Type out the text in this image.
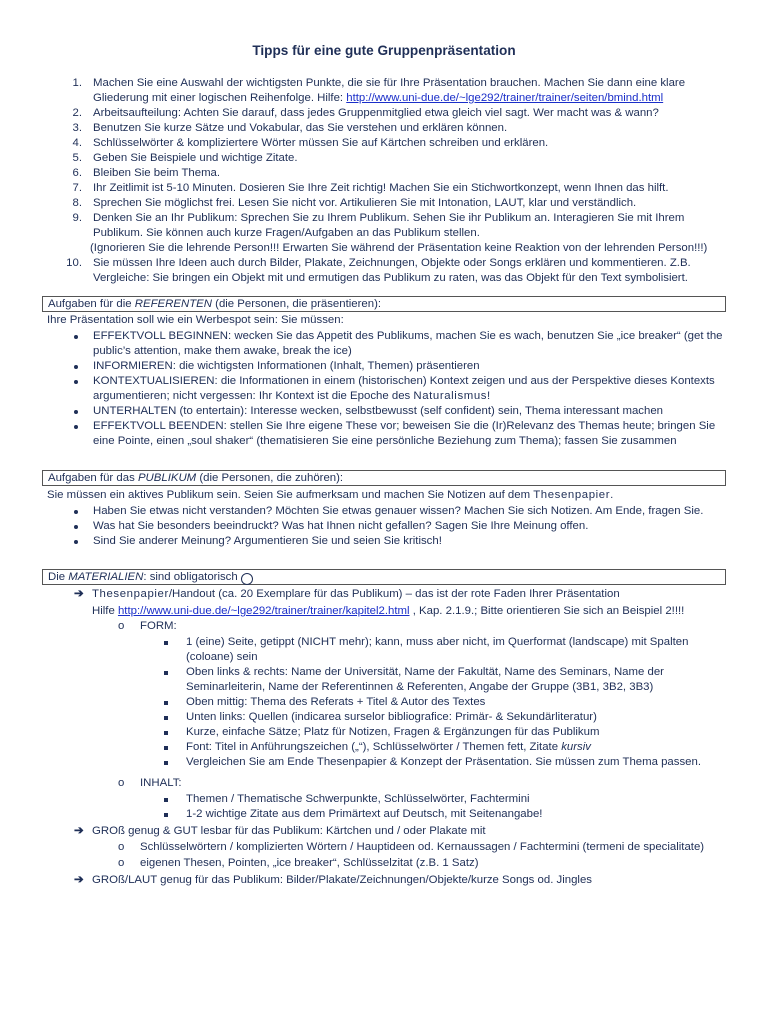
Tipps für eine gute Gruppenpräsentation
1. Machen Sie eine Auswahl der wichtigsten Punkte, die sie für Ihre Präsentation brauchen. Machen Sie dann eine klare Gliederung mit einer logischen Reihenfolge. Hilfe: http://www.uni-due.de/~lge292/trainer/trainer/seiten/bmind.html
2. Arbeitsaufteilung: Achten Sie darauf, dass jedes Gruppenmitglied etwa gleich viel sagt. Wer macht was & wann?
3. Benutzen Sie kurze Sätze und Vokabular, das Sie verstehen und erklären können.
4. Schlüsselwörter & kompliziertere Wörter müssen Sie auf Kärtchen schreiben und erklären.
5. Geben Sie Beispiele und wichtige Zitate.
6. Bleiben Sie beim Thema.
7. Ihr Zeitlimit ist 5-10 Minuten. Dosieren Sie Ihre Zeit richtig! Machen Sie ein Stichwortkonzept, wenn Ihnen das hilft.
8. Sprechen Sie möglichst frei. Lesen Sie nicht vor. Artikulieren Sie mit Intonation, LAUT, klar und verständlich.
9. Denken Sie an Ihr Publikum: Sprechen Sie zu Ihrem Publikum. Sehen Sie ihr Publikum an. Interagieren Sie mit Ihrem Publikum. Sie können auch kurze Fragen/Aufgaben an das Publikum stellen.
(Ignorieren Sie die lehrende Person!!! Erwarten Sie während der Präsentation keine Reaktion von der lehrenden Person!!!)
10. Sie müssen Ihre Ideen auch durch Bilder, Plakate, Zeichnungen, Objekte oder Songs erklären und kommentieren. Z.B. Vergleiche: Sie bringen ein Objekt mit und ermutigen das Publikum zu raten, was das Objekt für den Text symbolisiert.
Aufgaben für die REFERENTEN (die Personen, die präsentieren):
Ihre Präsentation soll wie ein Werbespot sein: Sie müssen:
EFFEKTVOLL BEGINNEN: wecken Sie das Appetit des Publikums, machen Sie es wach, benutzen Sie „ice breaker“ (get the public’s attention, make them awake, break the ice)
INFORMIEREN: die wichtigsten Informationen (Inhalt, Themen) präsentieren
KONTEXTUALISIEREN: die Informationen in einem (historischen) Kontext zeigen und aus der Perspektive dieses Kontexts argumentieren; nicht vergessen: Ihr Kontext ist die Epoche des Naturalismus!
UNTERHALTEN (to entertain): Interesse wecken, selbstbewusst (self confident) sein, Thema interessant machen
EFFEKTVOLL BEENDEN: stellen Sie Ihre eigene These vor; beweisen Sie die (Ir)Relevanz des Themas heute; bringen Sie eine Pointe, einen „soul shaker“ (thematisieren Sie eine persönliche Beziehung zum Thema); fassen Sie zusammen
Aufgaben für das PUBLIKUM (die Personen, die zuhören):
Sie müssen ein aktives Publikum sein. Seien Sie aufmerksam und machen Sie Notizen auf dem Thesenpapier.
Haben Sie etwas nicht verstanden? Möchten Sie etwas genauer wissen? Machen Sie sich Notizen. Am Ende, fragen Sie.
Was hat Sie besonders beeindruckt? Was hat Ihnen nicht gefallen? Sagen Sie Ihre Meinung offen.
Sind Sie anderer Meinung? Argumentieren Sie und seien Sie kritisch!
Die MATERIALIEN: sind obligatorisch
➔ Thesenpapier/Handout (ca. 20 Exemplare für das Publikum) – das ist der rote Faden Ihrer Präsentation
Hilfe http://www.uni-due.de/~lge292/trainer/trainer/kapitel2.html , Kap. 2.1.9.; Bitte orientieren Sie sich an Beispiel 2!!!!
o FORM:
1 (eine) Seite, getippt (NICHT mehr); kann, muss aber nicht, im Querformat (landscape) mit Spalten (coloane) sein
Oben links & rechts: Name der Universität, Name der Fakultät, Name des Seminars, Name der Seminarleiterin, Name der Referentinnen & Referenten, Angabe der Gruppe (3B1, 3B2, 3B3)
Oben mittig: Thema des Referats + Titel & Autor des Textes
Unten links: Quellen (indicarea surselor bibliografice: Primär- & Sekundärliteratur)
Kurze, einfache Sätze; Platz für Notizen, Fragen & Ergänzungen für das Publikum
Font: Titel in Anführungszeichen („“), Schlüsselwörter / Themen fett, Zitate kursiv
Vergleichen Sie am Ende Thesenpapier & Konzept der Präsentation. Sie müssen zum Thema passen.
o INHALT:
Themen / Thematische Schwerpunkte, Schlüsselwörter, Fachtermini
1-2 wichtige Zitate aus dem Primärtext auf Deutsch, mit Seitenangabe!
➔ GROß genug & GUT lesbar für das Publikum: Kärtchen und / oder Plakate mit
o Schlüsselwörtern / komplizierten Wörtern / Hauptideen od. Kernaussagen / Fachtermini (termeni de specialitate)
o eigenen Thesen, Pointen, „ice breaker“, Schlüsselzitat (z.B. 1 Satz)
➔ GROß/LAUT genug für das Publikum: Bilder/Plakate/Zeichnungen/Objekte/kurze Songs od. Jingles
